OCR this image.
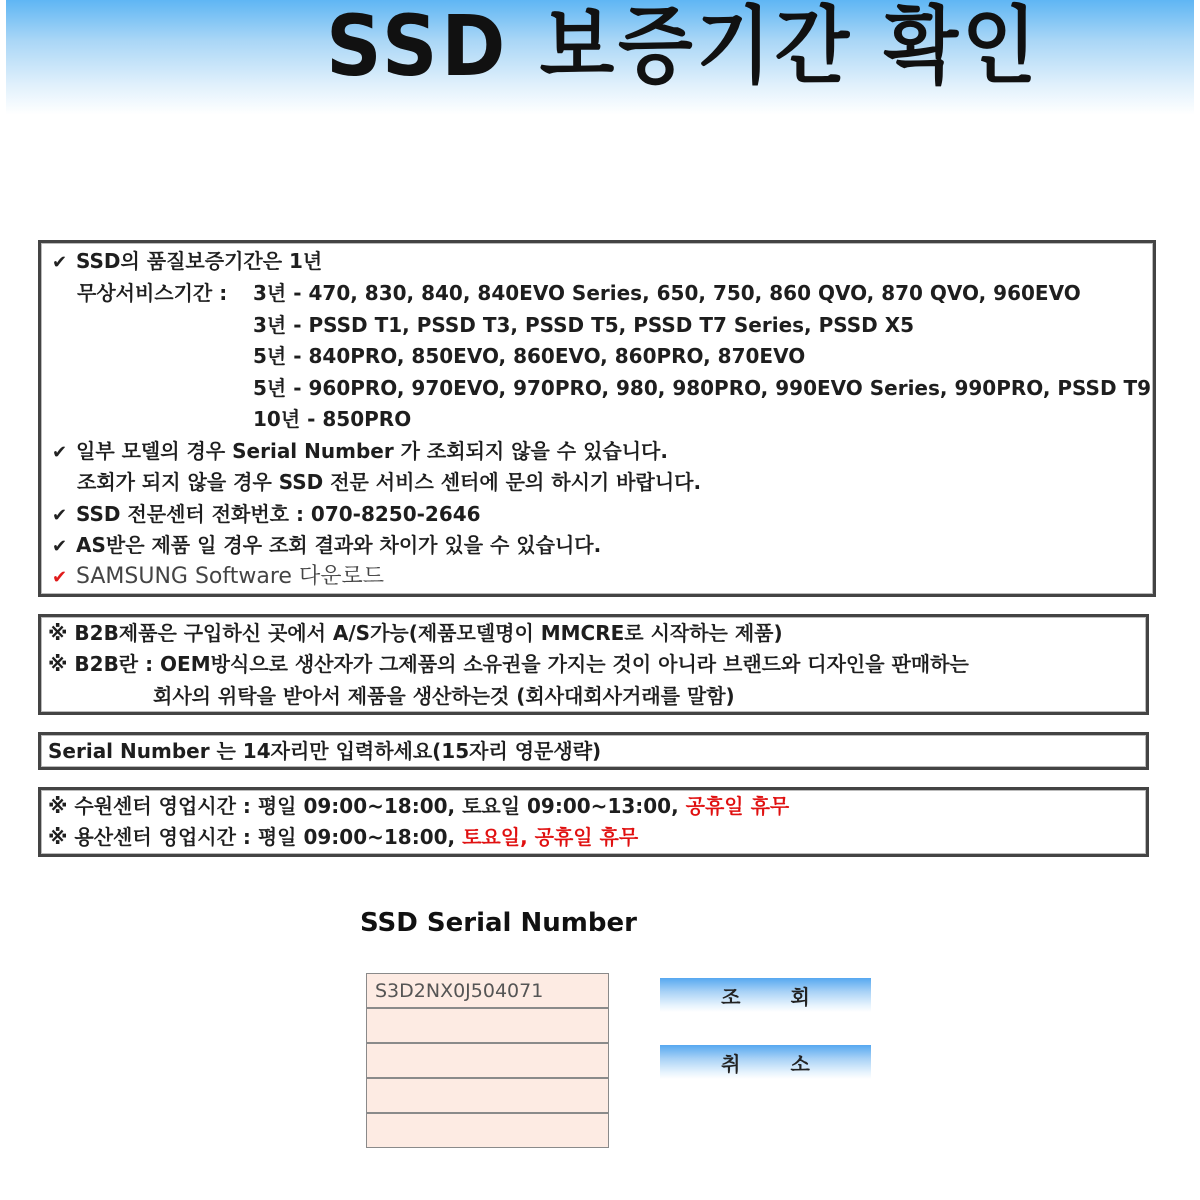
SSD 보증기간 확인
✔ SSD의 품질보증기간은 1년
무상서비스기간 : 3년 - 470, 830, 840, 840EVO Series, 650, 750, 860 QVO, 870 QVO, 960EVO
3년 - PSSD T1, PSSD T3, PSSD T5, PSSD T7 Series, PSSD X5
5년 - 840PRO, 850EVO, 860EVO, 860PRO, 870EVO
5년 - 960PRO, 970EVO, 970PRO, 980, 980PRO, 990EVO Series, 990PRO, PSSD T9
10년 - 850PRO
✔ 일부 모델의 경우 Serial Number 가 조회되지 않을 수 있습니다.
조회가 되지 않을 경우 SSD 전문 서비스 센터에 문의 하시기 바랍니다.
✔ SSD 전문센터 전화번호 : 070-8250-2646
✔ AS받은 제품 일 경우 조회 결과와 차이가 있을 수 있습니다.
✔ SAMSUNG Software 다운로드
※ B2B제품은 구입하신 곳에서 A/S가능(제품모델명이 MMCRE로 시작하는 제품)
※ B2B란 : OEM방식으로 생산자가 그제품의 소유권을 가지는 것이 아니라 브랜드와 디자인을 판매하는
회사의 위탁을 받아서 제품을 생산하는것 (회사대회사거래를 말함)
Serial Number 는 14자리만 입력하세요(15자리 영문생략)
※ 수원센터 영업시간 : 평일 09:00~18:00, 토요일 09:00~13:00, 공휴일 휴무
※ 용산센터 영업시간 : 평일 09:00~18:00, 토요일, 공휴일 휴무
SSD Serial Number
S3D2NX0J504071
조회
취소
